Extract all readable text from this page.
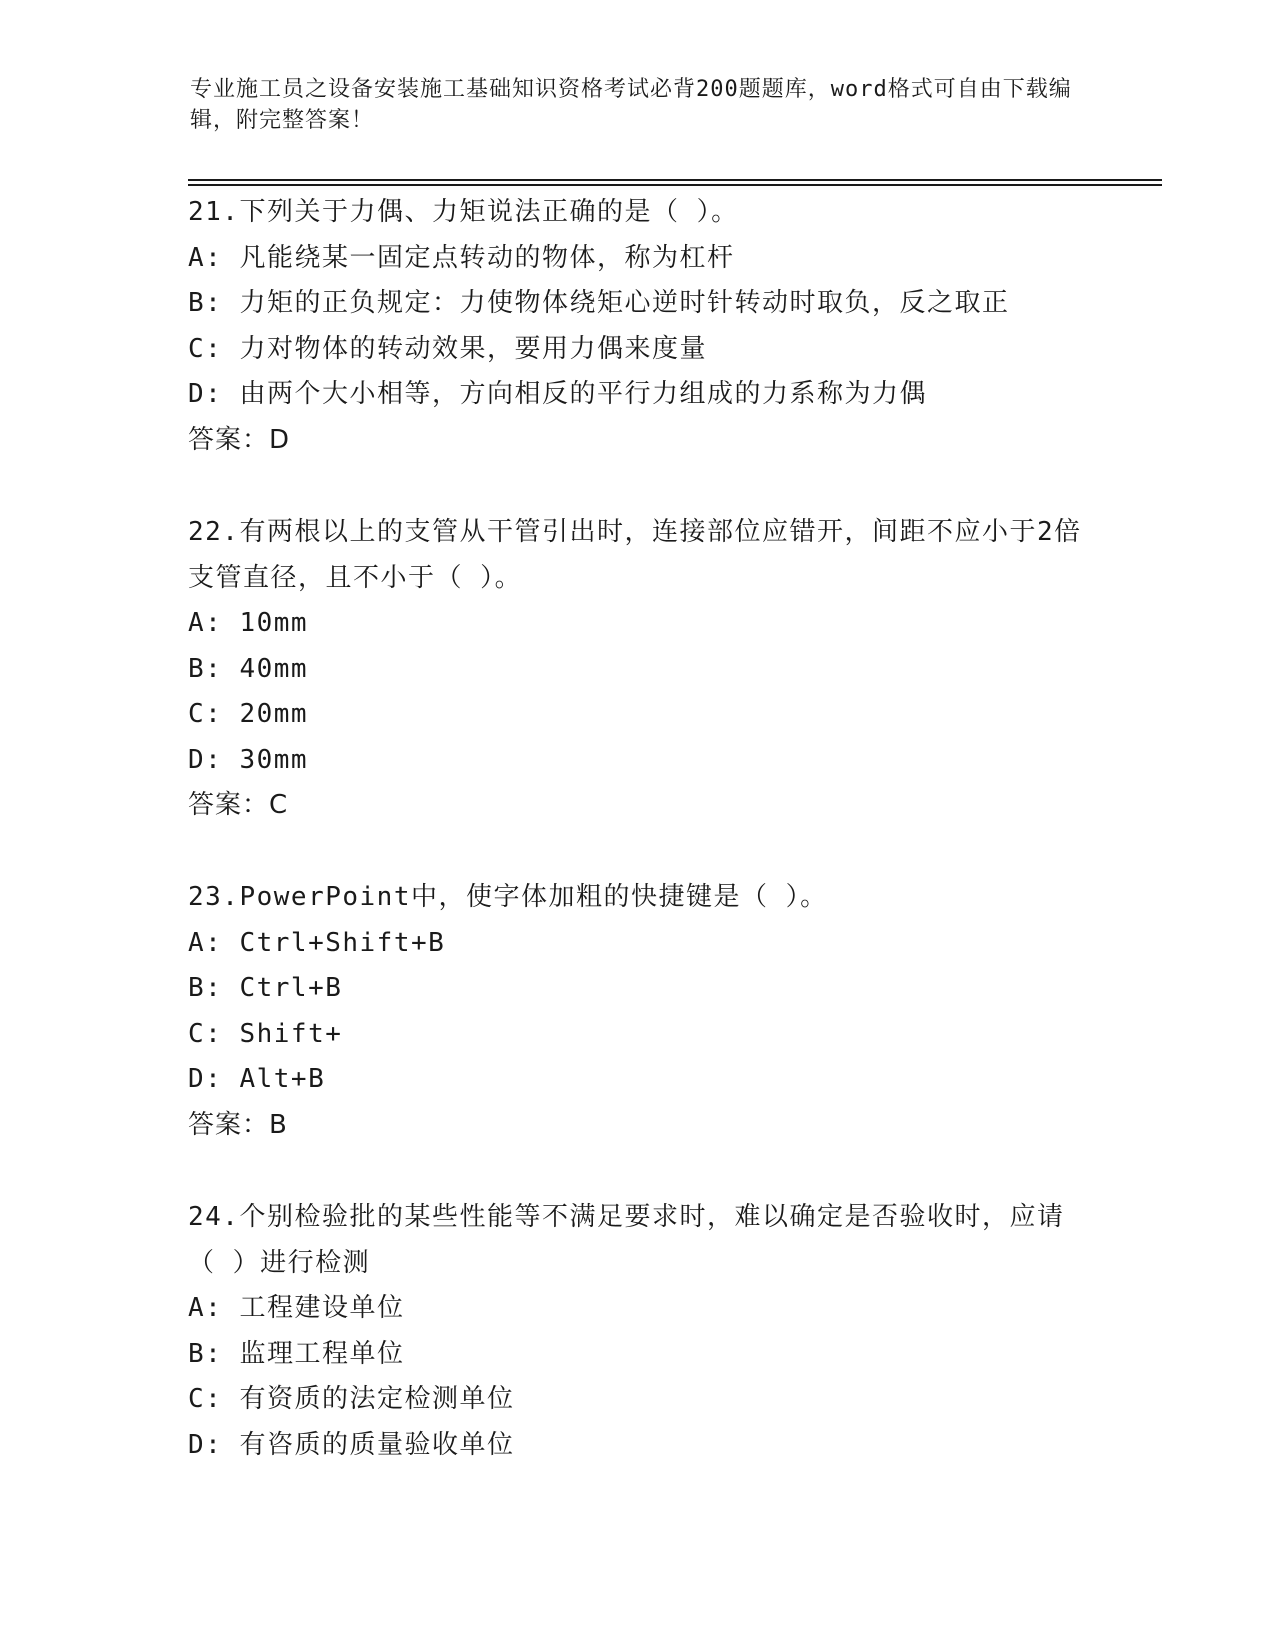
专业施工员之设备安装施工基础知识资格考试必背200题题库，word格式可自由下载编辑，附完整答案！
21.下列关于力偶、力矩说法正确的是（ ）。
A: 凡能绕某一固定点转动的物体，称为杠杆
B: 力矩的正负规定：力使物体绕矩心逆时针转动时取负，反之取正
C: 力对物体的转动效果，要用力偶来度量
D: 由两个大小相等，方向相反的平行力组成的力系称为力偶
答案：D
22.有两根以上的支管从干管引出时，连接部位应错开，间距不应小于2倍支管直径，且不小于（ ）。
A: 10mm
B: 40mm
C: 20mm
D: 30mm
答案：C
23.PowerPoint中，使字体加粗的快捷键是（ ）。
A: Ctrl+Shift+B
B: Ctrl+B
C: Shift+
D: Alt+B
答案：B
24.个别检验批的某些性能等不满足要求时，难以确定是否验收时，应请（ ）进行检测
A: 工程建设单位
B: 监理工程单位
C: 有资质的法定检测单位
D: 有咨质的质量验收单位
